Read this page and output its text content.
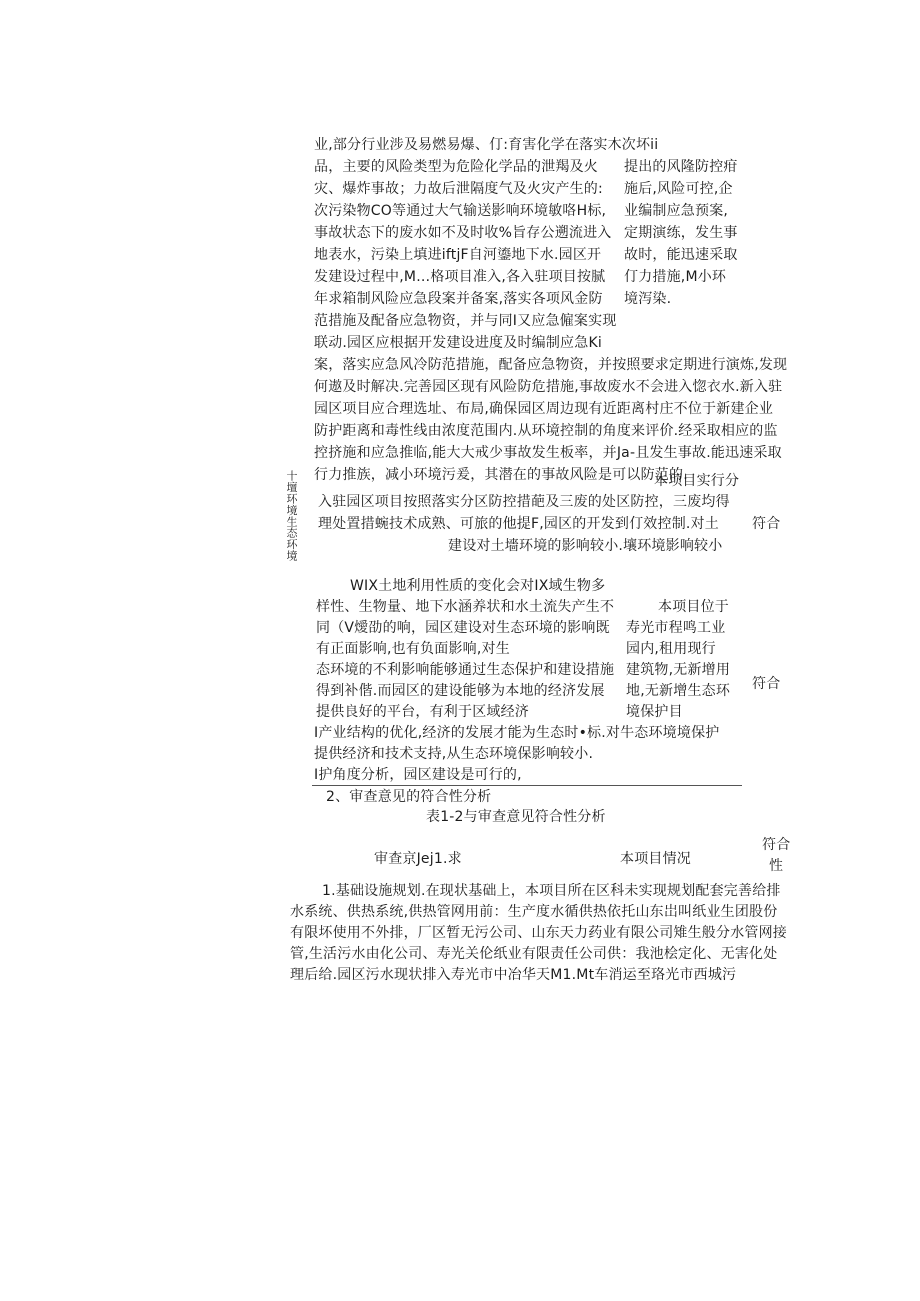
业,部分行业涉及易燃易爆、仃:育害化学在落实木次坏ii
品，主要的风险类型为危险化学品的泄羯及火
灾、爆炸事故；力故后泄隔度气及火灾产生的:
次污染物CO等通过大气输送影响环境敏咯H标,
事故状态下的废水如不及时收%旨存公遡流进入
地表水，污染上填进iftjF自河鎏地下水.园区开
发建设过程中,M…格项目准入,各入驻项目按腻
年求箱制风险应急段案并备案,落实各项风金防
范措施及配备应急物资，并与同I又应急僱案实现
联动.园区应根据开发建设进度及时编制应急Ki
提出的风隆防控疳
施后,风险可控,企
业编制应急预案,
定期演练，发生事
故时，能迅速采取
仃力措施,M小环
境泻染.
案，落实应急风冷防范措施，配备应急物资，并按照要求定期进行演炼,发现
何遨及时解决.完善园区现有风险防危措施,事故废水不会进入惚衣水.新入驻
园区项目应合理选址、布局,确保园区周边现有近距离村庄不位于新建企业
防护距离和毒性线由浓度范围内.从环境控制的角度来评价.经采取相应的监
控挤施和应急推临,能大大戒少事故发生板率，并Ja-且发生事故.能迅速采取
行力推族，减小环境污爰，其潜在的事故风险是可以防范的.
十壇环境生态环境	本项目实行分
入驻园区项目按照落实分区防控措葩及三废的处区防控，三废均得
理处置措蜿技术成熟、可旅的他提F,园区的开发到仃效控制.对土
建设对土墻环境的影响较小.壤环境影响较小
符合
WIX土地利用性质的变化会对IX域生物多
样性、生物量、地下水涵养状和水土流失产生不
同（V燰劭的响，园区建设对生态环境的影响既
有正面影响,也有负面影响,对生
态环境的不利影响能够通过生态保护和建设措施
得到补偕.而园区的建设能够为本地的经济发展
提供良好的平台，有利于区域经济
本项目位于
寿光市程鸣工业
园内,租用现行
建筑物,无新增用
地,无新增生态环
境保护目
符合
I产业结构的优化,经济的发展才能为生态时•标.对牛态环境境保护
提供经济和技术支持,从生态环境保影响较小.
I护角度分析，园区建设是可行的,
2、审查意见的符合性分析
表1-2与审查意见符合性分析
审查京Jej1.求	本项目情况
符合
性
1.基础设施规划.在现状基础上，本项目所在区科未实现规划配套完善给排
水系统、供热系统,供热管网用前：生产度水循供热依托山东岀叫纸业生团股份
有限坏使用不外排，厂区暂无污公司、山东天力药业有限公司雉生般分水管网接
管,生活污水由化公司、寿光关伦纸业有限责任公司供：我池桧定化、无害化处
理后给.园区污水现状排入寿光市中冶华天M1.Mt车消运至珞光市西城污
